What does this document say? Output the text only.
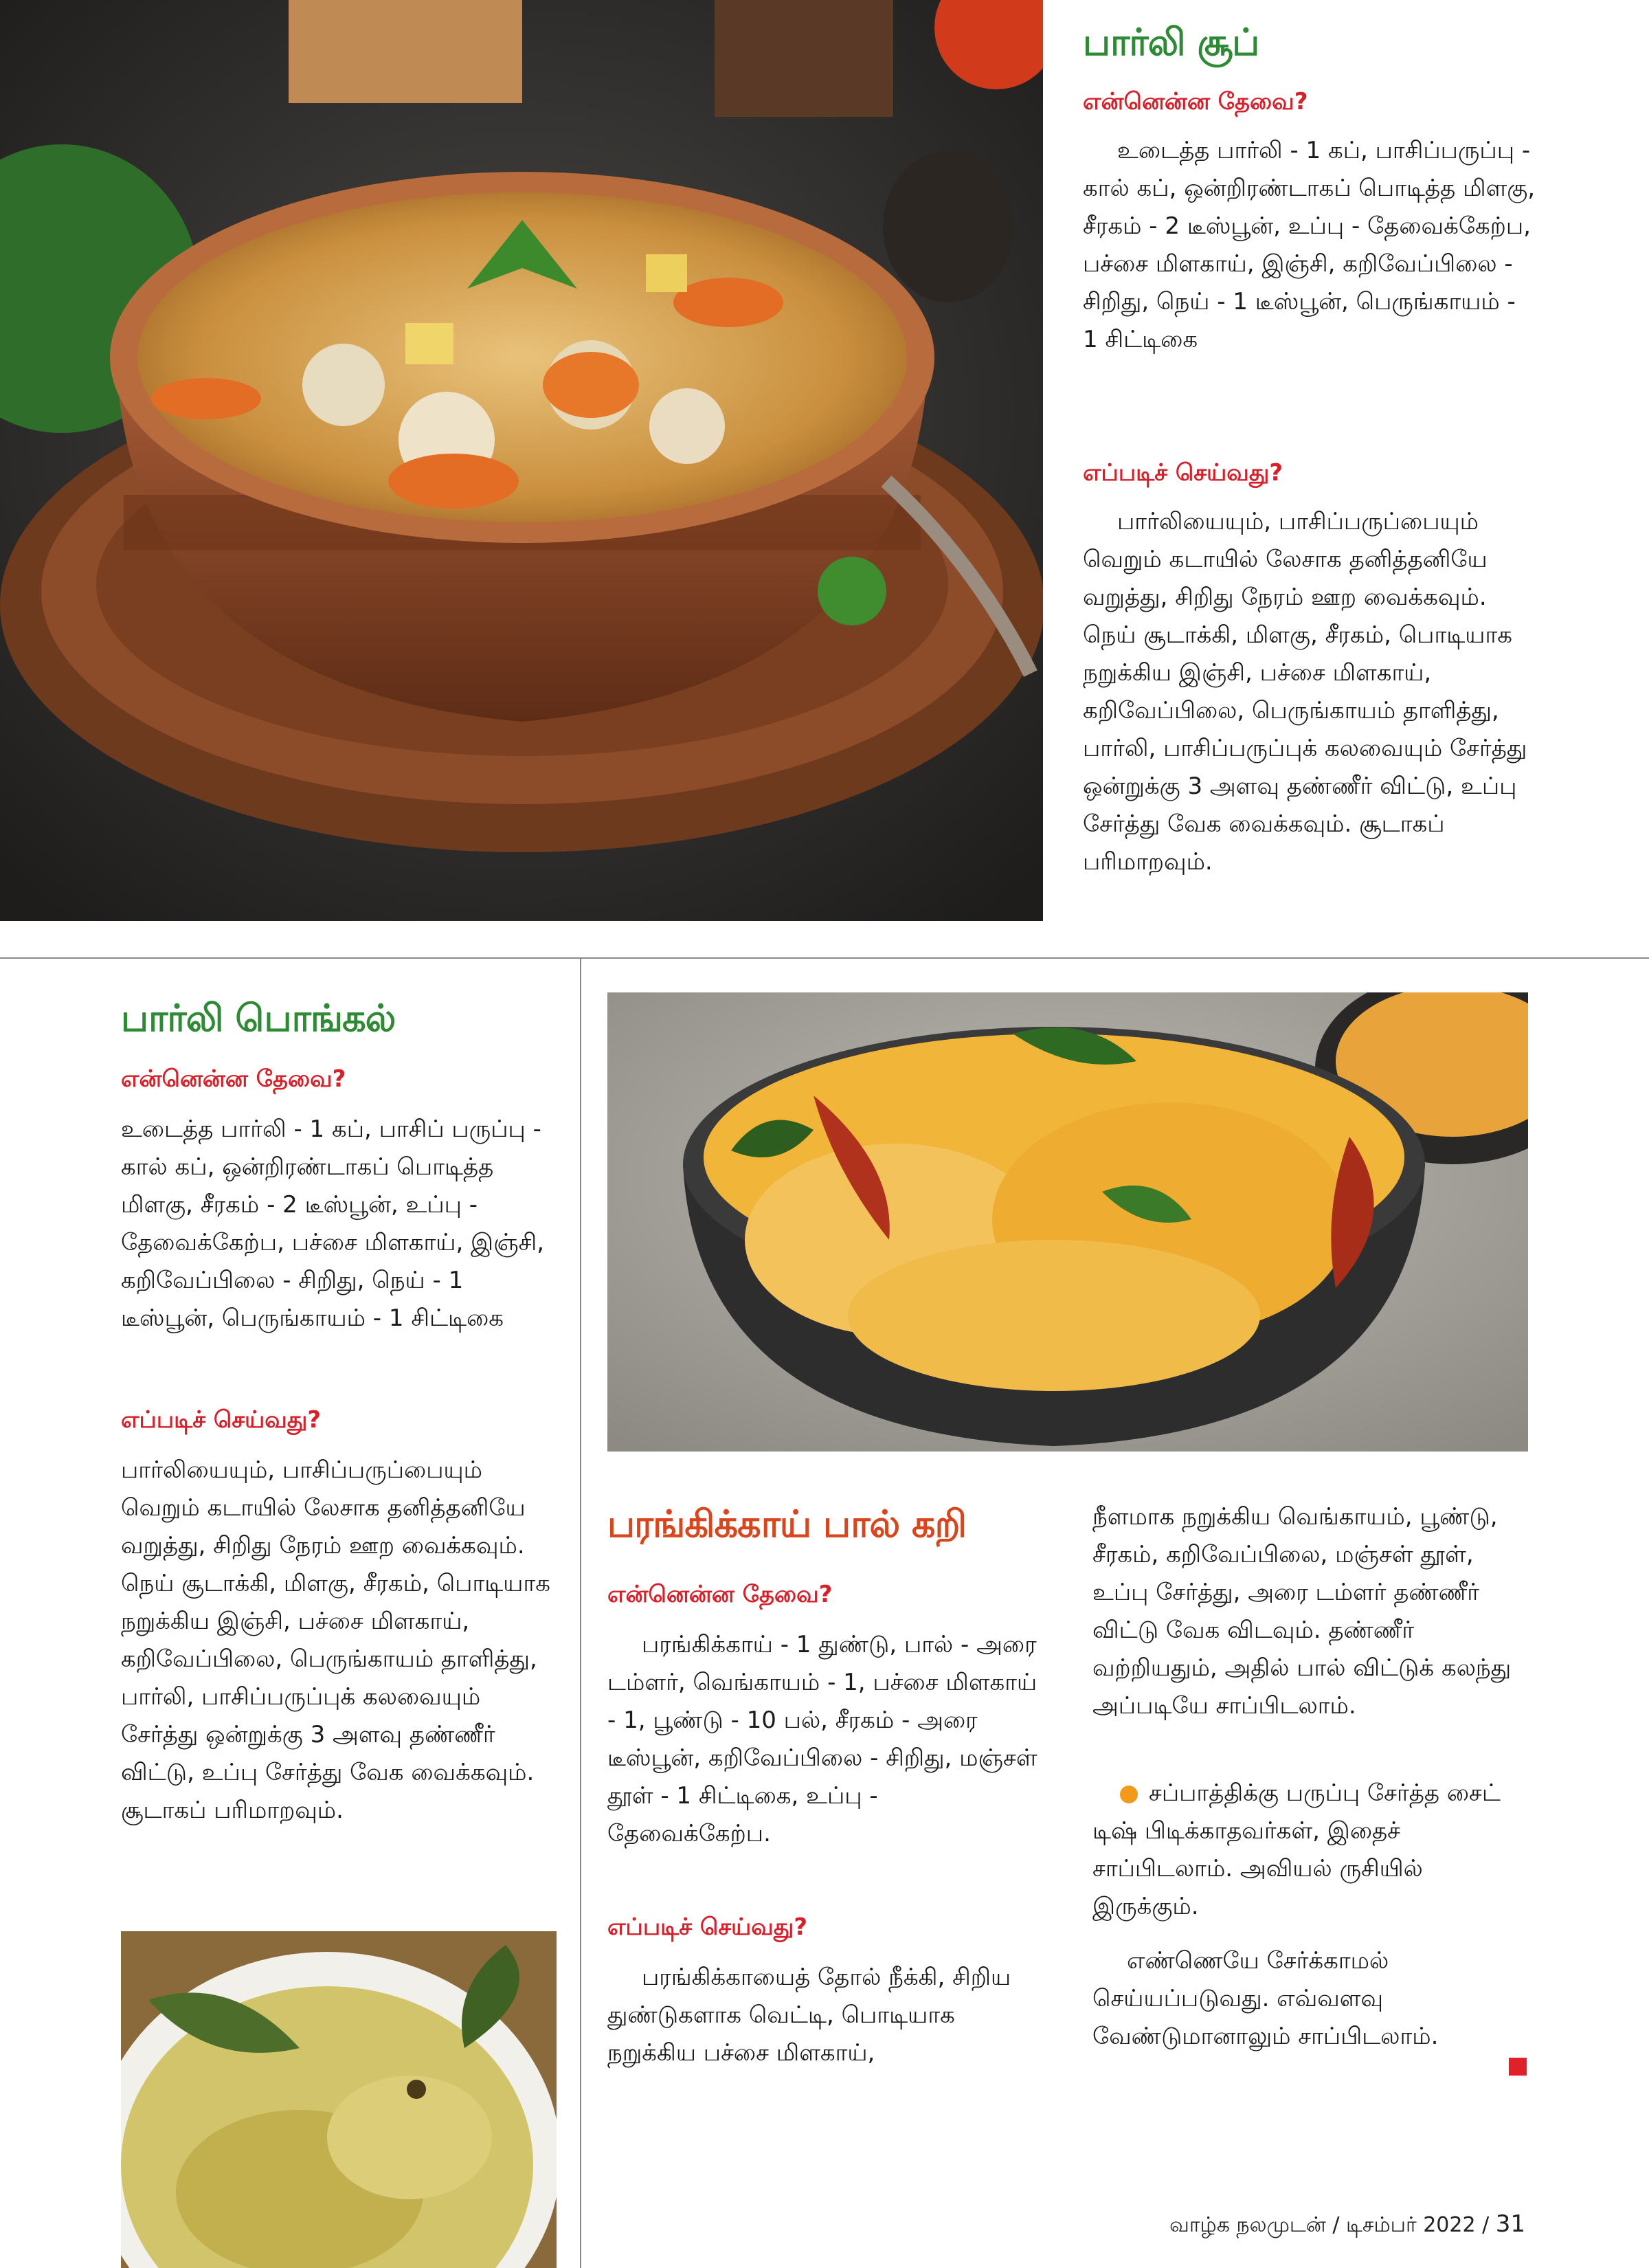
பார்லி சூப்
என்னென்ன தேவை?

உடைத்த பார்லி - 1 கப், பாசிப்பருப்பு - கால் கப், ஒன்றிரண்டாகப் பொடித்த மிளகு, சீரகம் - 2 டீஸ்பூன், உப்பு - தேவைக்கேற்ப, பச்சை மிளகாய், இஞ்சி, கறிவேப்பிலை - சிறிது, நெய் - 1 டீஸ்பூன், பெருங்காயம் - 1 சிட்டிகை

எப்படிச் செய்வது?

பார்லியையும், பாசிப்பருப்பையும் வெறும் கடாயில் லேசாக தனித்தனியே வறுத்து, சிறிது நேரம் ஊற வைக்கவும். நெய் சூடாக்கி, மிளகு, சீரகம், பொடியாக நறுக்கிய இஞ்சி, பச்சை மிளகாய், கறிவேப்பிலை, பெருங்காயம் தாளித்து, பார்லி, பாசிப்பருப்புக் கலவையும் சேர்த்து ஒன்றுக்கு 3 அளவு தண்ணீர் விட்டு, உப்பு சேர்த்து வேக வைக்கவும். சூடாகப் பரிமாறவும்.

பார்லி பொங்கல்
என்னென்ன தேவை?

உடைத்த பார்லி - 1 கப், பாசிப் பருப்பு - கால் கப், ஒன்றிரண்டாகப் பொடித்த மிளகு, சீரகம் - 2 டீஸ்பூன், உப்பு - தேவைக்கேற்ப, பச்சை மிளகாய், இஞ்சி, கறிவேப்பிலை - சிறிது, நெய் - 1 டீஸ்பூன், பெருங்காயம் - 1 சிட்டிகை

எப்படிச் செய்வது?

பார்லியையும், பாசிப்பருப்பையும் வெறும் கடாயில் லேசாக தனித்தனியே வறுத்து, சிறிது நேரம் ஊற வைக்கவும். நெய் சூடாக்கி, மிளகு, சீரகம், பொடியாக நறுக்கிய இஞ்சி, பச்சை மிளகாய், கறிவேப்பிலை, பெருங்காயம் தாளித்து, பார்லி, பாசிப்பருப்புக் கலவையும் சேர்த்து ஒன்றுக்கு 3 அளவு தண்ணீர் விட்டு, உப்பு சேர்த்து வேக வைக்கவும். சூடாகப் பரிமாறவும்.

பரங்கிக்காய் பால் கறி
என்னென்ன தேவை?

பரங்கிக்காய் - 1 துண்டு, பால் - அரை டம்ளர், வெங்காயம் - 1, பச்சை மிளகாய் - 1, பூண்டு - 10 பல், சீரகம் - அரை டீஸ்பூன், கறிவேப்பிலை - சிறிது, மஞ்சள் தூள் - 1 சிட்டிகை, உப்பு - தேவைக்கேற்ப.

எப்படிச் செய்வது?

பரங்கிக்காயைத் தோல் நீக்கி, சிறிய துண்டுகளாக வெட்டி, பொடியாக நறுக்கிய பச்சை மிளகாய்,

நீளமாக நறுக்கிய வெங்காயம், பூண்டு, சீரகம், கறிவேப்பிலை, மஞ்சள் தூள், உப்பு சேர்த்து, அரை டம்ளர் தண்ணீர் விட்டு வேக விடவும். தண்ணீர் வற்றியதும், அதில் பால் விட்டுக் கலந்து அப்படியே சாப்பிடலாம்.

சப்பாத்திக்கு பருப்பு சேர்த்த சைட் டிஷ் பிடிக்காதவர்கள், இதைச் சாப்பிடலாம். அவியல் ருசியில் இருக்கும்.

எண்ணெயே சேர்க்காமல் செய்யப்படுவது. எவ்வளவு வேண்டுமானாலும் சாப்பிடலாம்.

வாழ்க நலமுடன் / டிசம்பர் 2022 / 31
